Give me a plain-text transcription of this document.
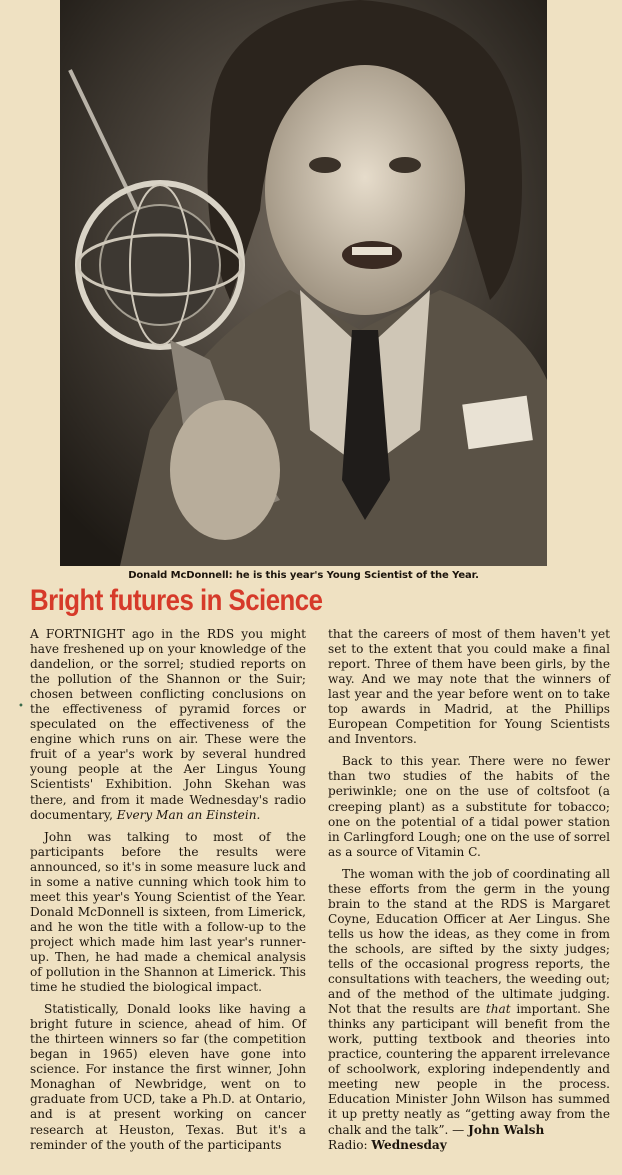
Donald McDonnell: he is this year's Young Scientist of the Year.
Bright futures in Science
•

A FORTNIGHT ago in the RDS you might have freshened up on your knowledge of the dandelion, or the sorrel; studied reports on the pollution of the Shannon or the Suir; chosen between conflicting conclusions on the effectiveness of pyramid forces or speculated on the effectiveness of the engine which runs on air. These were the fruit of a year's work by several hundred young people at the Aer Lingus Young Scientists' Exhibition. John Skehan was there, and from it made Wednesday's radio documentary, Every Man an Einstein.

John was talking to most of the participants before the results were announced, so it's in some measure luck and in some a native cunning which took him to meet this year's Young Scientist of the Year. Donald McDonnell is sixteen, from Limerick, and he won the title with a follow-up to the project which made him last year's runner-up. Then, he had made a chemical analysis of pollution in the Shannon at Limerick. This time he studied the biological impact.

Statistically, Donald looks like having a bright future in science, ahead of him. Of the thirteen winners so far (the competition began in 1965) eleven have gone into science. For instance the first winner, John Monaghan of Newbridge, went on to graduate from UCD, take a Ph.D. at Ontario, and is at present working on cancer research at Heuston, Texas. But it's a reminder of the youth of the participants

that the careers of most of them haven't yet set to the extent that you could make a final report. Three of them have been girls, by the way. And we may note that the winners of last year and the year before went on to take top awards in Madrid, at the Phillips European Competition for Young Scientists and Inventors.

Back to this year. There were no fewer than two studies of the habits of the periwinkle; one on the use of coltsfoot (a creeping plant) as a substitute for tobacco; one on the potential of a tidal power station in Carlingford Lough; one on the use of sorrel as a source of Vitamin C.

The woman with the job of coordinating all these efforts from the germ in the young brain to the stand at the RDS is Margaret Coyne, Education Officer at Aer Lingus. She tells us how the ideas, as they come in from the schools, are sifted by the sixty judges; tells of the occasional progress reports, the consultations with teachers, the weeding out; and of the method of the ultimate judging. Not that the results are that important. She thinks any participant will benefit from the work, putting textbook and theories into practice, countering the apparent irrelevance of schoolwork, exploring independently and meeting new people in the process. Education Minister John Wilson has summed it up pretty neatly as “getting away from the chalk and the talk”. — John Walsh
Radio: Wednesday
